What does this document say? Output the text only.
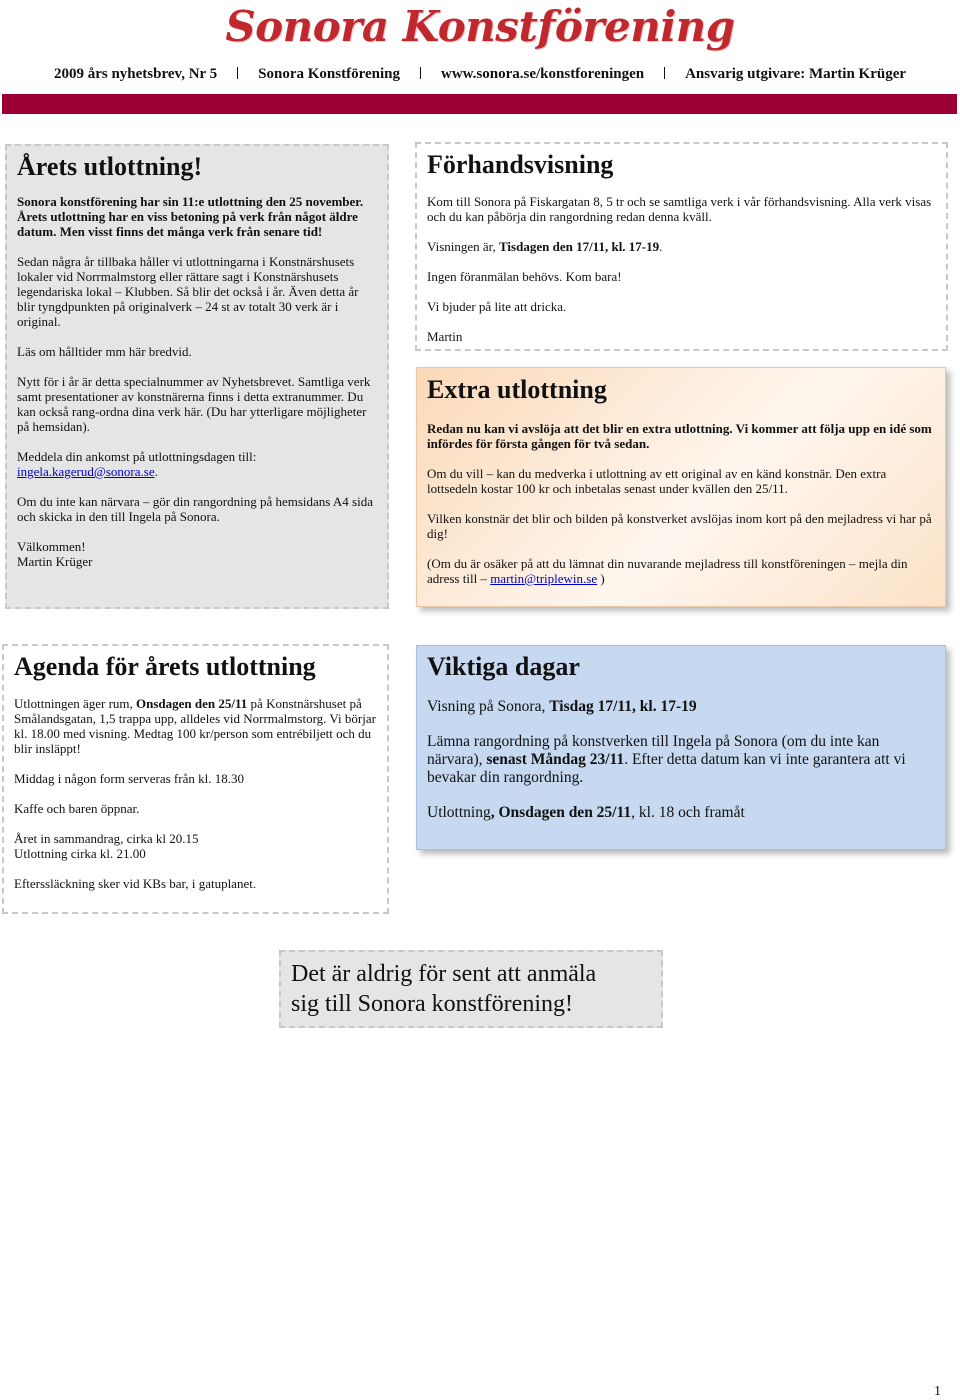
Sonora Konstförening
2009 års nyhetsbrev, Nr 5	Sonora Konstförening	www.sonora.se/konstforeningen	Ansvarig utgivare: Martin Krüger
Årets utlottning!

Sonora konstförening har sin 11:e utlottning den 25 november. Årets utlottning har en viss betoning på verk från något äldre datum. Men visst finns det många verk från senare tid!

Sedan några år tillbaka håller vi utlottningarna i Konstnärshusets lokaler vid Norrmalmstorg eller rättare sagt i Konstnärshusets legendariska lokal – Klubben. Så blir det också i år. Även detta år blir tyngdpunkten på originalverk – 24 st av totalt 30 verk är i original.

Läs om hålltider mm här bredvid.

Nytt för i år är detta specialnummer av Nyhetsbrevet. Samtliga verk samt presentationer av konstnärerna finns i detta extranummer. Du kan också rang-ordna dina verk här. (Du har ytterligare möjligheter på hemsidan).

Meddela din ankomst på utlottningsdagen till:
ingela.kagerud@sonora.se.

Om du inte kan närvara – gör din rangordning på hemsidans A4 sida och skicka in den till Ingela på Sonora.

Välkommen!
Martin Krüger

Förhandsvisning

Kom till Sonora på Fiskargatan 8, 5 tr och se samtliga verk i vår förhandsvisning. Alla verk visas och du kan påbörja din rangordning redan denna kväll.

Visningen är, Tisdagen den 17/11, kl. 17-19.

Ingen föranmälan behövs. Kom bara!

Vi bjuder på lite att dricka.

Martin

Extra utlottning

Redan nu kan vi avslöja att det blir en extra utlottning. Vi kommer att följa upp en idé som infördes för första gången för två sedan.

Om du vill – kan du medverka i utlottning av ett original av en känd konstnär. Den extra lottsedeln kostar 100 kr och inbetalas senast under kvällen den 25/11.

Vilken konstnär det blir och bilden på konstverket avslöjas inom kort på den mejladress vi har på dig!

(Om du är osäker på att du lämnat din nuvarande mejladress till konstföreningen – mejla din adress till – martin@triplewin.se )

Agenda för årets utlottning

Utlottningen äger rum, Onsdagen den 25/11 på Konstnärshuset på Smålandsgatan, 1,5 trappa upp, alldeles vid Norrmalmstorg. Vi börjar kl. 18.00 med visning. Medtag 100 kr/person som entrébiljett och du blir insläppt!

Middag i någon form serveras från kl. 18.30

Kaffe och baren öppnar.

Året in sammandrag, cirka kl 20.15
Utlottning cirka kl. 21.00

Efterssläckning sker vid KBs bar, i gatuplanet.

Viktiga dagar

Visning på Sonora, Tisdag 17/11, kl. 17-19

Lämna rangordning på konstverken till Ingela på Sonora (om du inte kan närvara), senast Måndag 23/11. Efter detta datum kan vi inte garantera att vi bevakar din rangordning.

Utlottning, Onsdagen den 25/11, kl. 18 och framåt

Det är aldrig för sent att anmäla
sig till Sonora konstförening!
1
